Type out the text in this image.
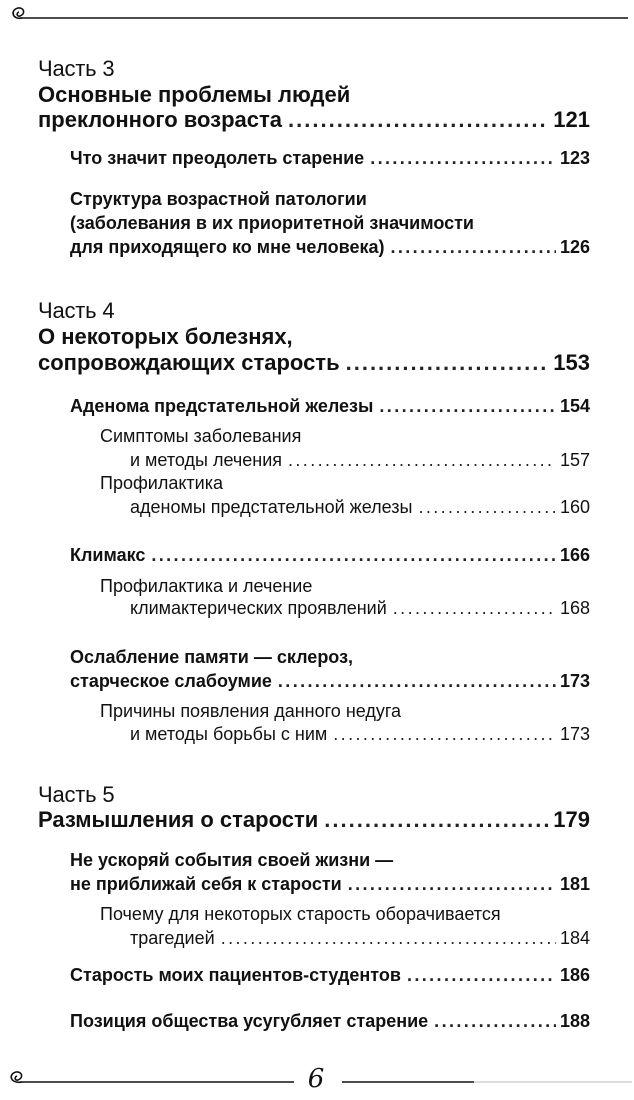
Часть 3
Основные проблемы людей
преклонного возраста .....	121
Что значит преодолеть старение .....	123
Структура возрастной патологии
(заболевания в их приоритетной значимости
для приходящего ко мне человека) .....	126
Часть 4
О некоторых болезнях,
сопровождающих старость .....	153
Аденома предстательной железы .....	154
Симптомы заболевания
и методы лечения .....	157
Профилактика
аденомы предстательной железы .....	160
Климакс .....	166
Профилактика и лечение
климактерических проявлений .....	168
Ослабление памяти — склероз,
старческое слабоумие .....	173
Причины появления данного недуга
и методы борьбы с ним .....	173
Часть 5
Размышления о старости .....	179
Не ускоряй события своей жизни —
не приближай себя к старости .....	181
Почему для некоторых старость оборачивается
трагедией .....	184
Старость моих пациентов-студентов .....	186
Позиция общества усугубляет старение .....	188
6
